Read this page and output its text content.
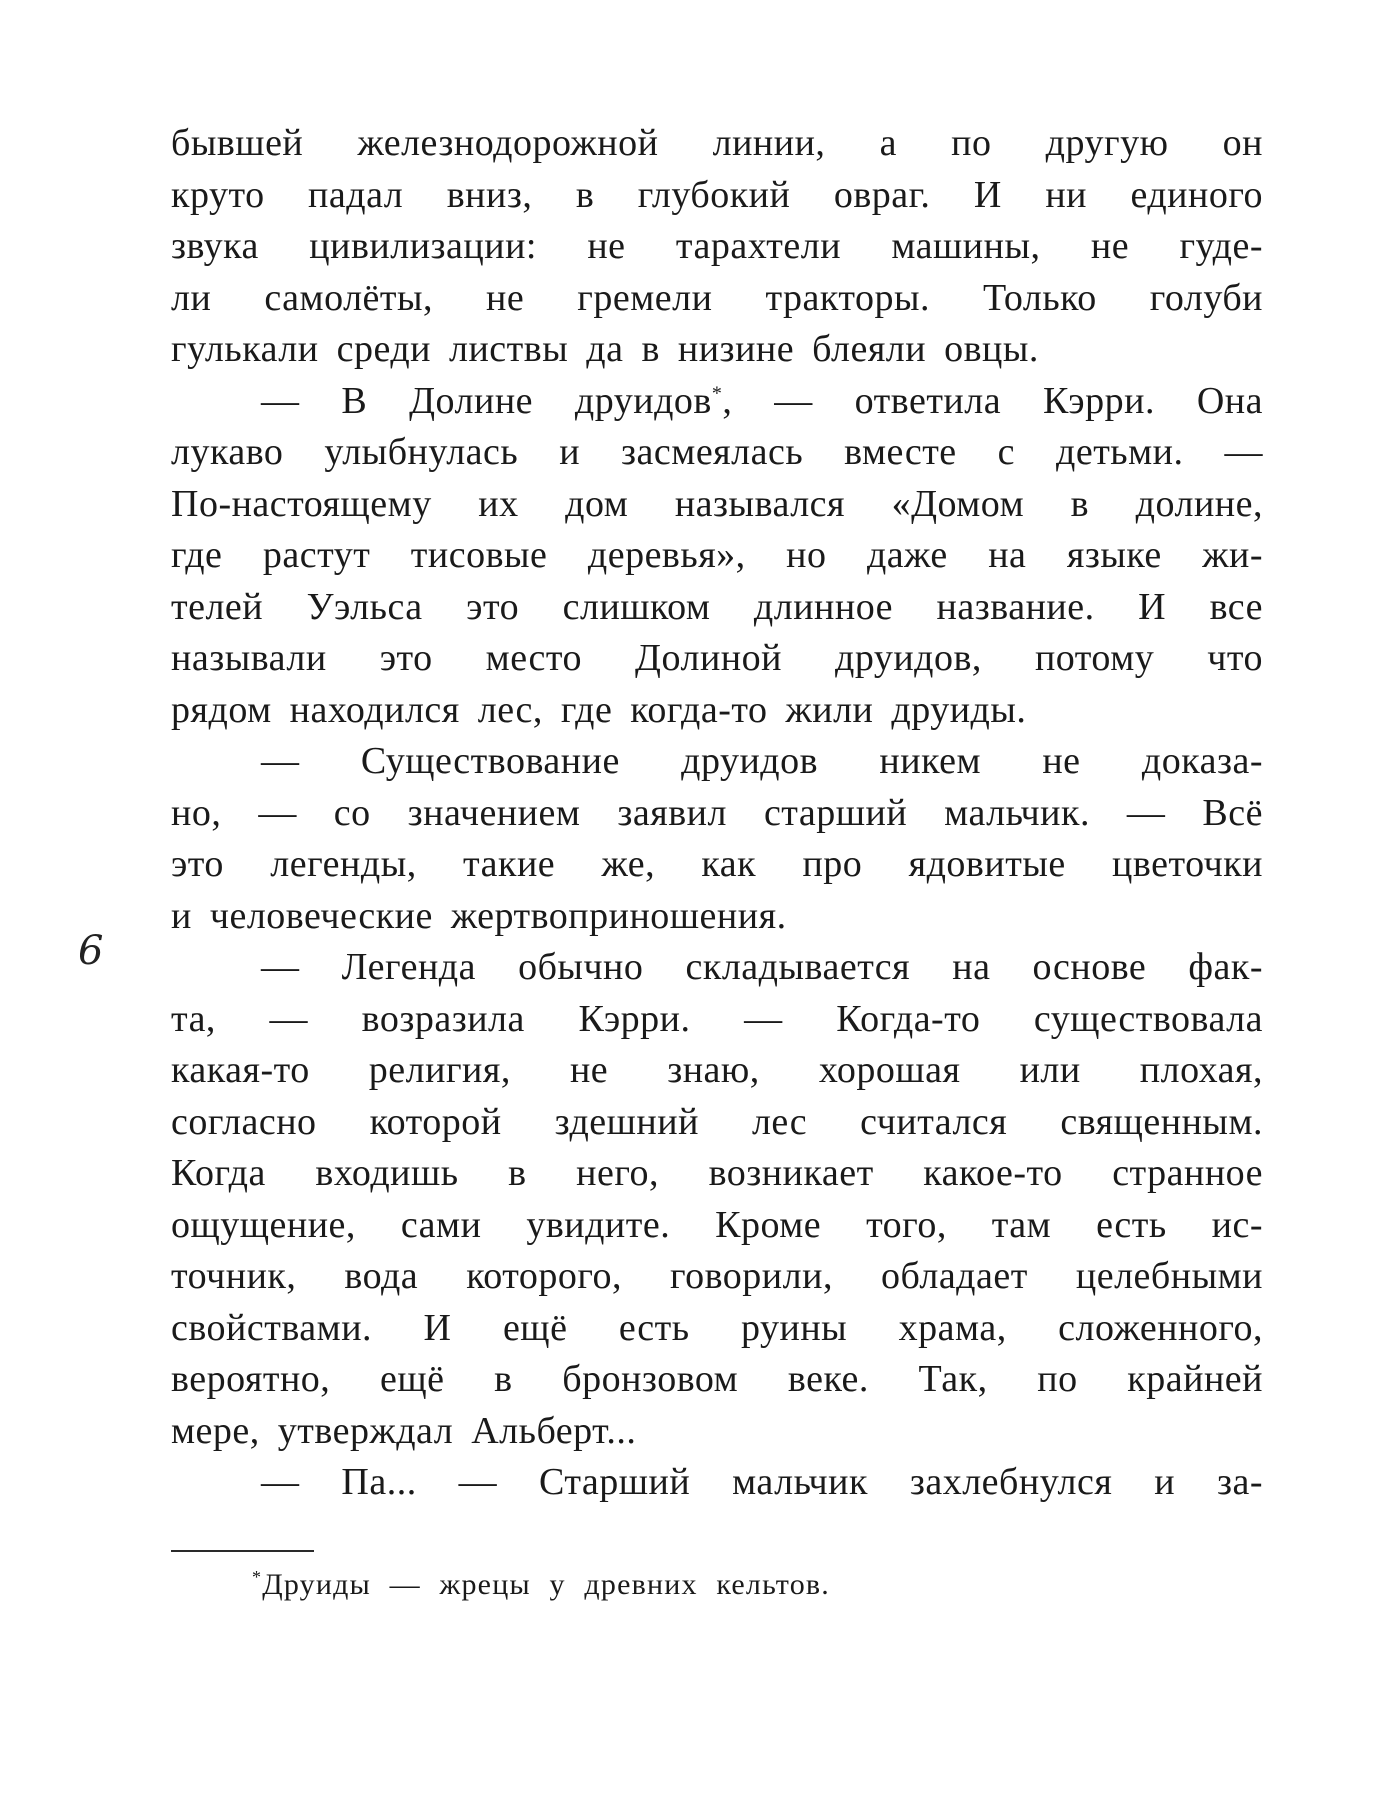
бывшей железнодорожной линии, а по другую он
круто падал вниз, в глубокий овраг. И ни единого
звука цивилизации: не тарахтели машины, не гуде-
ли самолёты, не гремели тракторы. Только голуби
гулькали среди листвы да в низине блеяли овцы.
— В Долине друидов*, — ответила Кэрри. Она
лукаво улыбнулась и засмеялась вместе с детьми. —
По-настоящему их дом назывался «Домом в долине,
где растут тисовые деревья», но даже на языке жи-
телей Уэльса это слишком длинное название. И все
называли это место Долиной друидов, потому что
рядом находился лес, где когда-то жили друиды.
— Существование друидов никем не доказа-
но, — со значением заявил старший мальчик. — Всё
это легенды, такие же, как про ядовитые цветочки
и человеческие жертвоприношения.
— Легенда обычно складывается на основе фак-
та, — возразила Кэрри. — Когда-то существовала
какая-то религия, не знаю, хорошая или плохая,
согласно которой здешний лес считался священным.
Когда входишь в него, возникает какое-то странное
ощущение, сами увидите. Кроме того, там есть ис-
точник, вода которого, говорили, обладает целебными
свойствами. И ещё есть руины храма, сложенного,
вероятно, ещё в бронзовом веке. Так, по крайней
мере, утверждал Альберт...
— Па... — Старший мальчик захлебнулся и за-
6
*Друиды — жрецы у древних кельтов.
